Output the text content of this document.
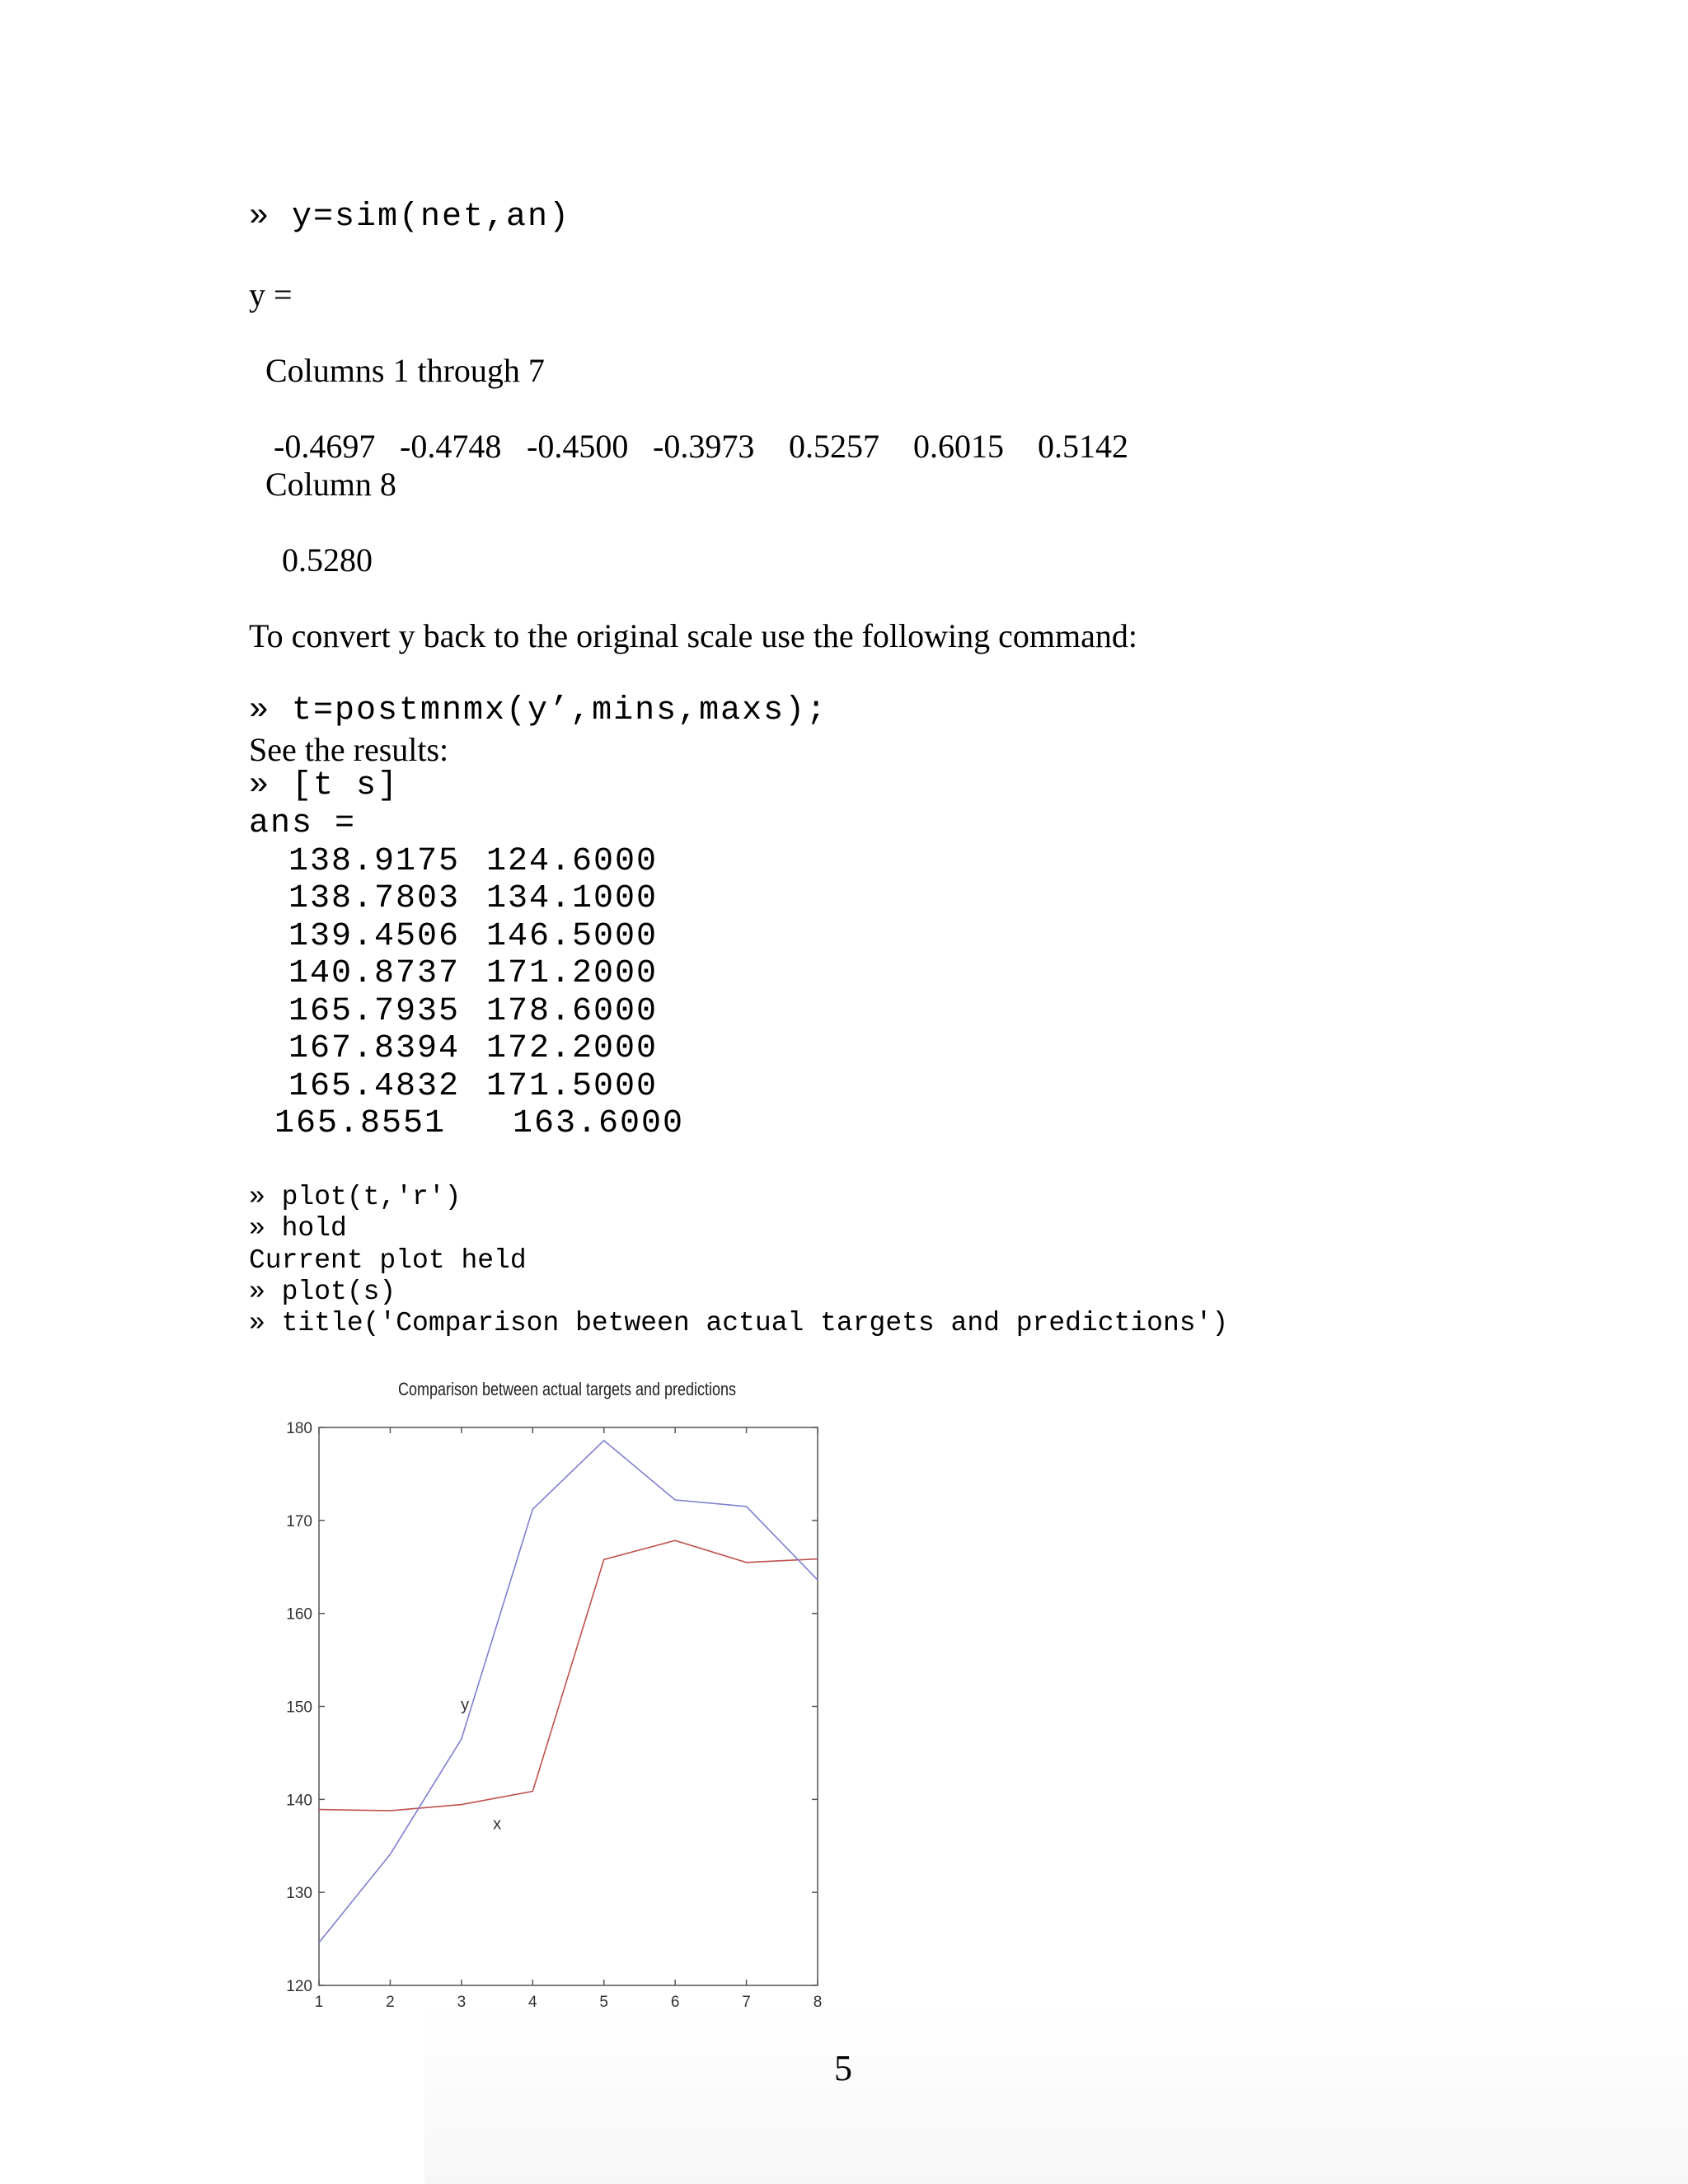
» y=sim(net,an)
y =
Columns 1 through 7
-0.4697 -0.4748 -0.4500 -0.3973 0.5257 0.6015 0.5142
Column 8
0.5280
To convert y back to the original scale use the following command:
» t=postmnmx(y’,mins,maxs);
See the results:
» [t s]
ans =
138.9175 124.6000
138.7803 134.1000
139.4506 146.5000
140.8737 171.2000
165.7935 178.6000
167.8394 172.2000
165.4832 171.5000
165.8551 163.6000
» plot(t,'r')
» hold
Current plot held
» plot(s)
» title('Comparison between actual targets and predictions')
Comparison between actual targets and predictions
120
130
140
150
160
170
180
1	2	3	4	5	6	7	8
x
y
5
